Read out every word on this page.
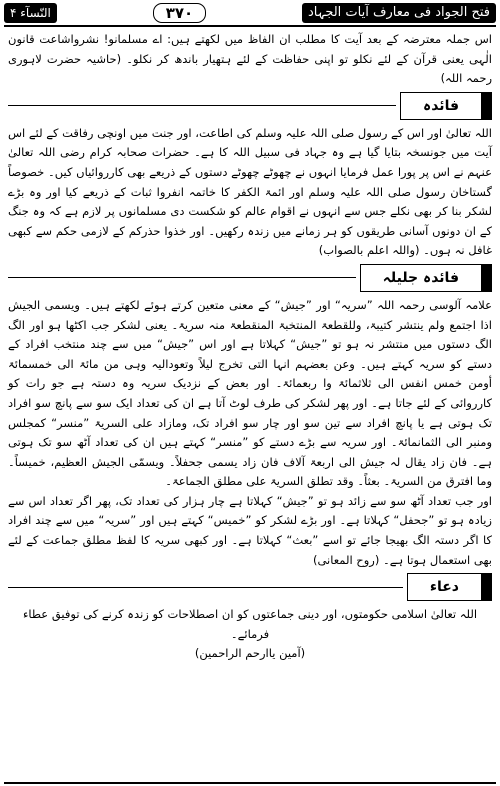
فتح الجواد فی معارف آیات الجہاد
۳۷۰
النّسآء ۴

اس جملہ معترضہ کے بعد آیت کا مطلب ان الفاظ میں لکھتے ہیں: اے مسلمانو! نشرواشاعت قانون الٰہی یعنی قرآن کے لئے نکلو تو اپنی حفاظت کے لئے ہتھیار باندھ کر نکلو۔ (حاشیہ حضرت لاہوری رحمہ اللہ)

فائدہ

اللہ تعالیٰ اور اس کے رسول صلی اللہ علیہ وسلم کی اطاعت، اور جنت میں اونچی رفاقت کے لئے اس آیت میں جونسخہ بتایا گیا ہے وہ جہاد فی سبیل اللہ کا ہے۔ حضرات صحابہ کرام رضی اللہ تعالیٰ عنہم نے اس پر پورا عمل فرمایا انہوں نے چھوٹے چھوٹے دستوں کے ذریعے بھی کارروائیاں کیں۔ خصوصاً گستاخان رسول صلی اللہ علیہ وسلم اور ائمۃ الکفر کا خاتمہ انفروا ثبات کے ذریعے کیا اور وہ بڑے لشکر بنا کر بھی نکلے جس سے انہوں نے اقوام عالم کو شکست دی مسلمانوں پر لازم ہے کہ وہ جنگ کے ان دونوں آسانی طریقوں کو ہر زمانے میں زندہ رکھیں۔ اور خذوا حذرکم کے لازمی حکم سے کبھی غافل نہ ہوں۔ (واللہ اعلم بالصواب)

فائدہ جلیلہ

علامہ آلوسی رحمہ اللہ ”سریہ“ اور ”جیش“ کے معنی متعین کرتے ہوئے لکھتے ہیں۔ ویسمی الجیش اذا اجتمع ولم ینتشر کتیبۃ، وللقطعۃ المنتخبۃ المنقطعۃ منہ سریۃ۔ یعنی لشکر جب اکٹھا ہو اور الگ الگ دستوں میں منتشر نہ ہو تو ”جیش“ کہلاتا ہے اور اس ”جیش“ میں سے چند منتخب افراد کے دستے کو سریہ کہتے ہیں۔ وعن بعضہم انہا التی تخرج لیلاً وتعودالیہ وہی من مائۃ الی خمسمائۃ أومن خمس انفس الی ثلاثمائۃ وا ربعمائۃ۔ اور بعض کے نزدیک سریہ وہ دستہ ہے جو رات کو کارروائی کے لئے جاتا ہے۔ اور پھر لشکر کی طرف لوٹ آتا ہے ان کی تعداد ایک سو سے پانچ سو افراد تک ہوتی ہے یا پانچ افراد سے تین سو اور چار سو افراد تک، ومازاد علی السریۃ ”منسر“ کمجلس ومنبر الی الثمانمائۃ۔ اور سریہ سے بڑے دستے کو ”منسر“ کہتے ہیں ان کی تعداد آٹھ سو تک ہوتی ہے۔ فان زاد یقال لہ جیش الی اربعۃ آلاف فان زاد یسمی جحفلاً۔ ویسمّی الجیش العظیم، خمیساً۔ وما افترق من السریۃ۔ بعثاً۔ وقد تطلق السریۃ علی مطلق الجماعۃ۔

اور جب تعداد آٹھ سو سے زائد ہو تو ”جیش“ کہلاتا ہے چار ہزار کی تعداد تک، پھر اگر تعداد اس سے زیادہ ہو تو ”جحفل“ کہلاتا ہے۔ اور بڑے لشکر کو ”خمیس“ کہتے ہیں اور ”سریہ“ میں سے چند افراد کا اگر دستہ الگ بھیجا جائے تو اسے ”بعث“ کہلاتا ہے۔ اور کبھی سریہ کا لفظ مطلق جماعت کے لئے بھی استعمال ہوتا ہے۔ (روح المعانی)

دعاء

اللہ تعالیٰ اسلامی حکومتوں، اور دینی جماعتوں کو ان اصطلاحات کو زندہ کرنے کی توفیق عطاء فرمائے۔

(آمین یاارحم الراحمین)
